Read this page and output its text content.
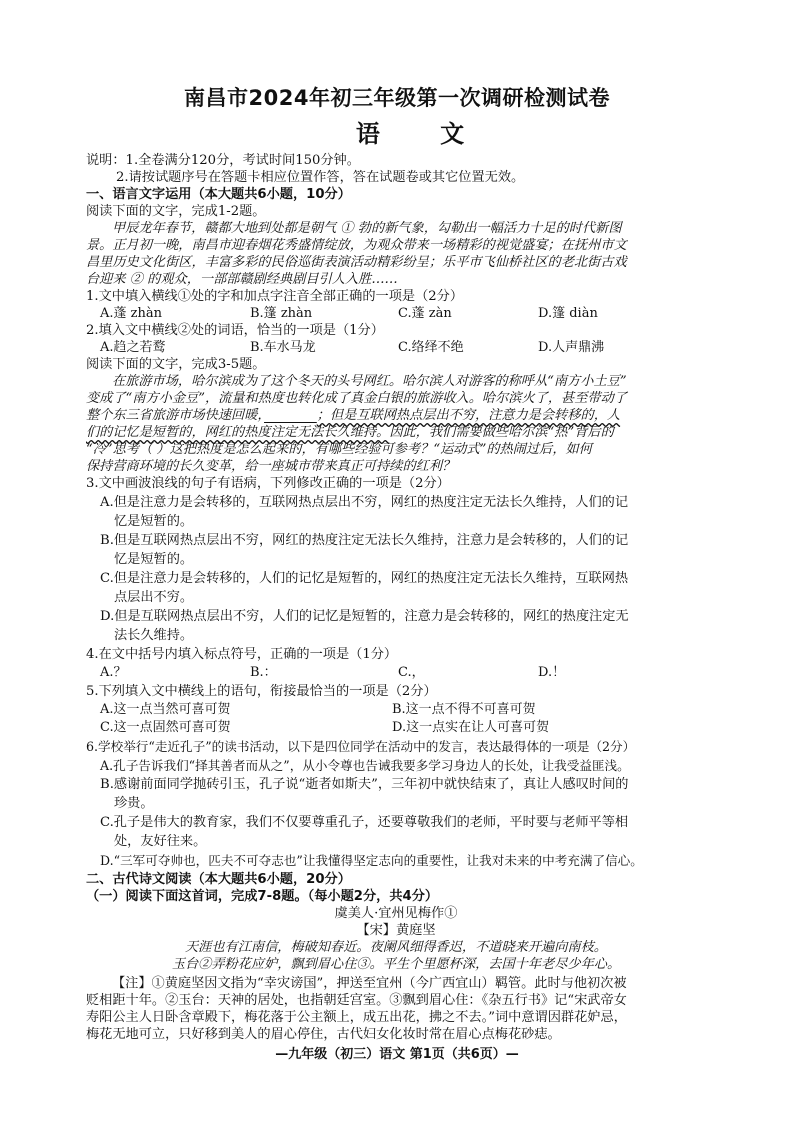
南昌市2024年初三年级第一次调研检测试卷
语 文
说明：1.全卷满分120分，考试时间150分钟。
2.请按试题序号在答题卡相应位置作答，答在试题卷或其它位置无效。
一、语言文字运用（本大题共6小题，10分）
阅读下面的文字，完成1-2题。
甲辰龙年春节，赣都大地到处都是朝气 ① 勃的新气象，勾勒出一幅活力十足的时代新图
景。正月初一晚，南昌市迎春烟花秀盛情绽放，为观众带来一场精彩的视觉盛宴；在抚州市文
昌里历史文化街区，丰富多彩的民俗巡街表演活动精彩纷呈；乐平市飞仙桥社区的老北街古戏
台迎来 ② 的观众，一部部赣剧经典剧目引人入胜……
1.文中填入横线①处的字和加点字注音全部正确的一项是（2分）
A.蓬 zhàn	B.篷 zhàn	C.蓬 zàn	D.篷 diàn
2.填入文中横线②处的词语，恰当的一项是（1分）
A.趋之若鹜	B.车水马龙	C.络绎不绝	D.人声鼎沸
阅读下面的文字，完成3-5题。
在旅游市场，哈尔滨成为了这个冬天的头号网红。哈尔滨人对游客的称呼从“南方小土豆”
变成了“南方小金豆”，流量和热度也转化成了真金白银的旅游收入。哈尔滨火了，甚至带动了
整个东三省旅游市场快速回暖，　　　　	；但是互联网热点层出不穷，注意力是会转移的，人
们的记忆是短暂的，网红的热度注定无法长久维持。因此，我们需要做些哈尔滨“热”背后的
“冷”思考（ ）这把热度是怎么起来的，有哪些经验可参考？“运动式”的热闹过后，如何
保持营商环境的长久变革，给一座城市带来真正可持续的红利？
3.文中画波浪线的句子有语病，下列修改正确的一项是（2分）
A.但是注意力是会转移的，互联网热点层出不穷，网红的热度注定无法长久维持，人们的记
忆是短暂的。
B.但是互联网热点层出不穷，网红的热度注定无法长久维持，注意力是会转移的，人们的记
忆是短暂的。
C.但是注意力是会转移的，人们的记忆是短暂的，网红的热度注定无法长久维持，互联网热
点层出不穷。
D.但是互联网热点层出不穷，人们的记忆是短暂的，注意力是会转移的，网红的热度注定无
法长久维持。
4.在文中括号内填入标点符号，正确的一项是（1分）
A.？	B.：	C.，	D.！
5.下列填入文中横线上的语句，衔接最恰当的一项是（2分）
A.这一点当然可喜可贺	B.这一点不得不可喜可贺
C.这一点固然可喜可贺	D.这一点实在让人可喜可贺
6.学校举行“走近孔子”的读书活动，以下是四位同学在活动中的发言，表达最得体的一项是（2分）
A.孔子告诉我们“择其善者而从之”，从小令尊也告诫我要多学习身边人的长处，让我受益匪浅。
B.感谢前面同学抛砖引玉，孔子说“逝者如斯夫”，三年初中就快结束了，真让人感叹时间的
珍贵。
C.孔子是伟大的教育家，我们不仅要尊重孔子，还要尊敬我们的老师，平时要与老师平等相
处，友好往来。
D.“三军可夺帅也，匹夫不可夺志也”让我懂得坚定志向的重要性，让我对未来的中考充满了信心。
二、古代诗文阅读（本大题共6小题，20分）
（一）阅读下面这首词，完成7-8题。（每小题2分，共4分）
虞美人·宜州见梅作①
【宋】黄庭坚
天涯也有江南信，梅破知春近。夜阑风细得香迟，不道晓来开遍向南枝。
玉台②弄粉花应妒，飘到眉心住③。平生个里愿杯深，去国十年老尽少年心。
【注】①黄庭坚因文指为“幸灾谤国”，押送至宜州（今广西宜山）羁管。此时与他初次被
贬相距十年。②玉台：天神的居处，也指朝廷宫室。③飘到眉心住：《杂五行书》记“宋武帝女
寿阳公主人日卧含章殿下，梅花落于公主额上，成五出花，拂之不去。”词中意谓因群花妒忌，
梅花无地可立，只好移到美人的眉心停住，古代妇女化妆时常在眉心点梅花砂痣。
—九年级（初三）语文 第1页（共6页）—
